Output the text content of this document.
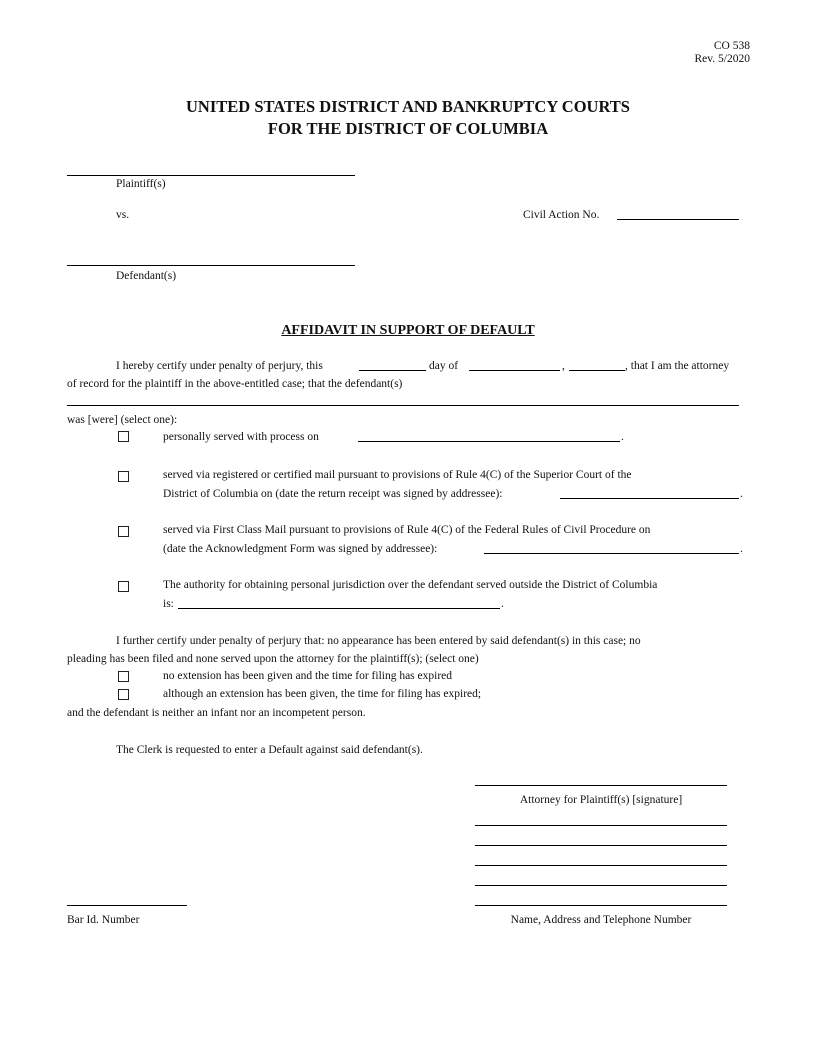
CO 538
Rev. 5/2020
UNITED STATES DISTRICT AND BANKRUPTCY COURTS
FOR THE DISTRICT OF COLUMBIA
Plaintiff(s)
vs.	Civil Action No.
Defendant(s)
AFFIDAVIT IN SUPPORT OF DEFAULT
I hereby certify under penalty of perjury, this	day of	,	, that I am the attorney
of record for the plaintiff in the above-entitled case; that the defendant(s)
was [were] (select one):
personally served with process on	.
served via registered or certified mail pursuant to provisions of Rule 4(C) of the Superior Court of the
District of Columbia on (date the return receipt was signed by addressee):	.
served via First Class Mail pursuant to provisions of Rule 4(C) of the Federal Rules of Civil Procedure on
(date the Acknowledgment Form was signed by addressee):	.
The authority for obtaining personal jurisdiction over the defendant served outside the District of Columbia
is:	.
I further certify under penalty of perjury that: no appearance has been entered by said defendant(s) in this case; no
pleading has been filed and none served upon the attorney for the plaintiff(s); (select one)
no extension has been given and the time for filing has expired
although an extension has been given, the time for filing has expired;
and the defendant is neither an infant nor an incompetent person.
The Clerk is requested to enter a Default against said defendant(s).
Attorney for Plaintiff(s) [signature]
Bar Id. Number	Name, Address and Telephone Number
